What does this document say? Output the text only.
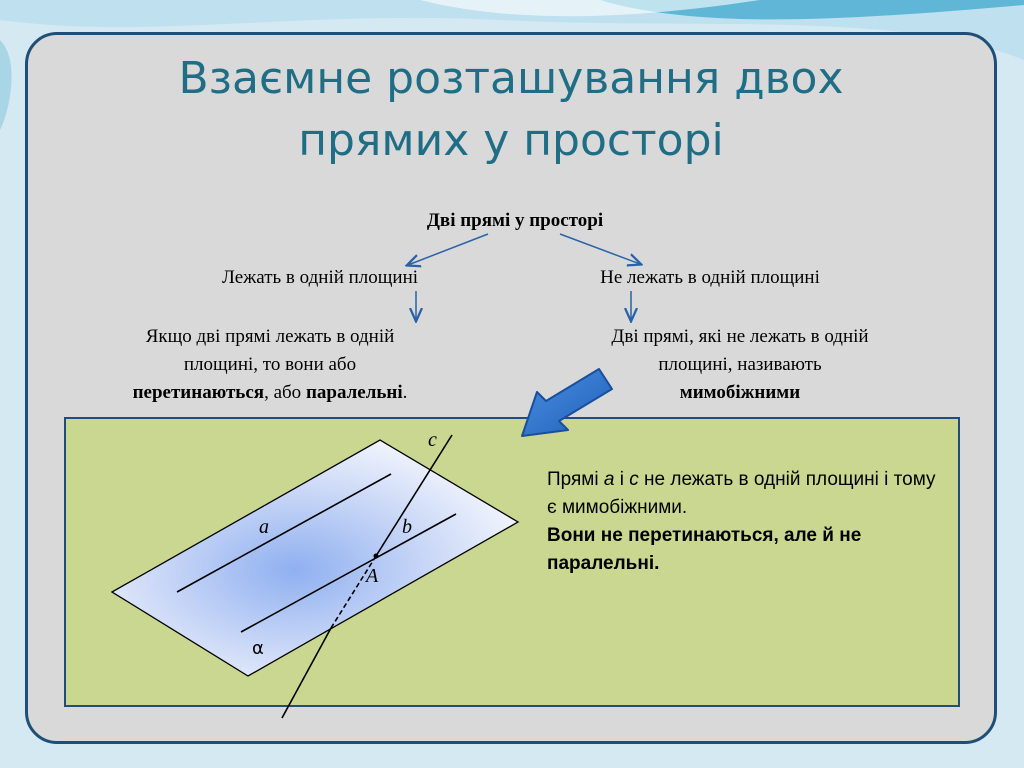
Взаємне розташування двох
прямих у просторі
Дві прямі у просторі
Лежать в одній площині	Не лежать в одній площині
Якщо дві прямі лежать в одній
площині, то вони або
перетинаються, або паралельні.
Дві прямі, які не лежать в одній
площині, називають
мимобіжними
c
a	b
A
α
Прямі a і c не лежать в одній площині і тому є мимобіжними.
Вони не перетинаються, але й не паралельні.
